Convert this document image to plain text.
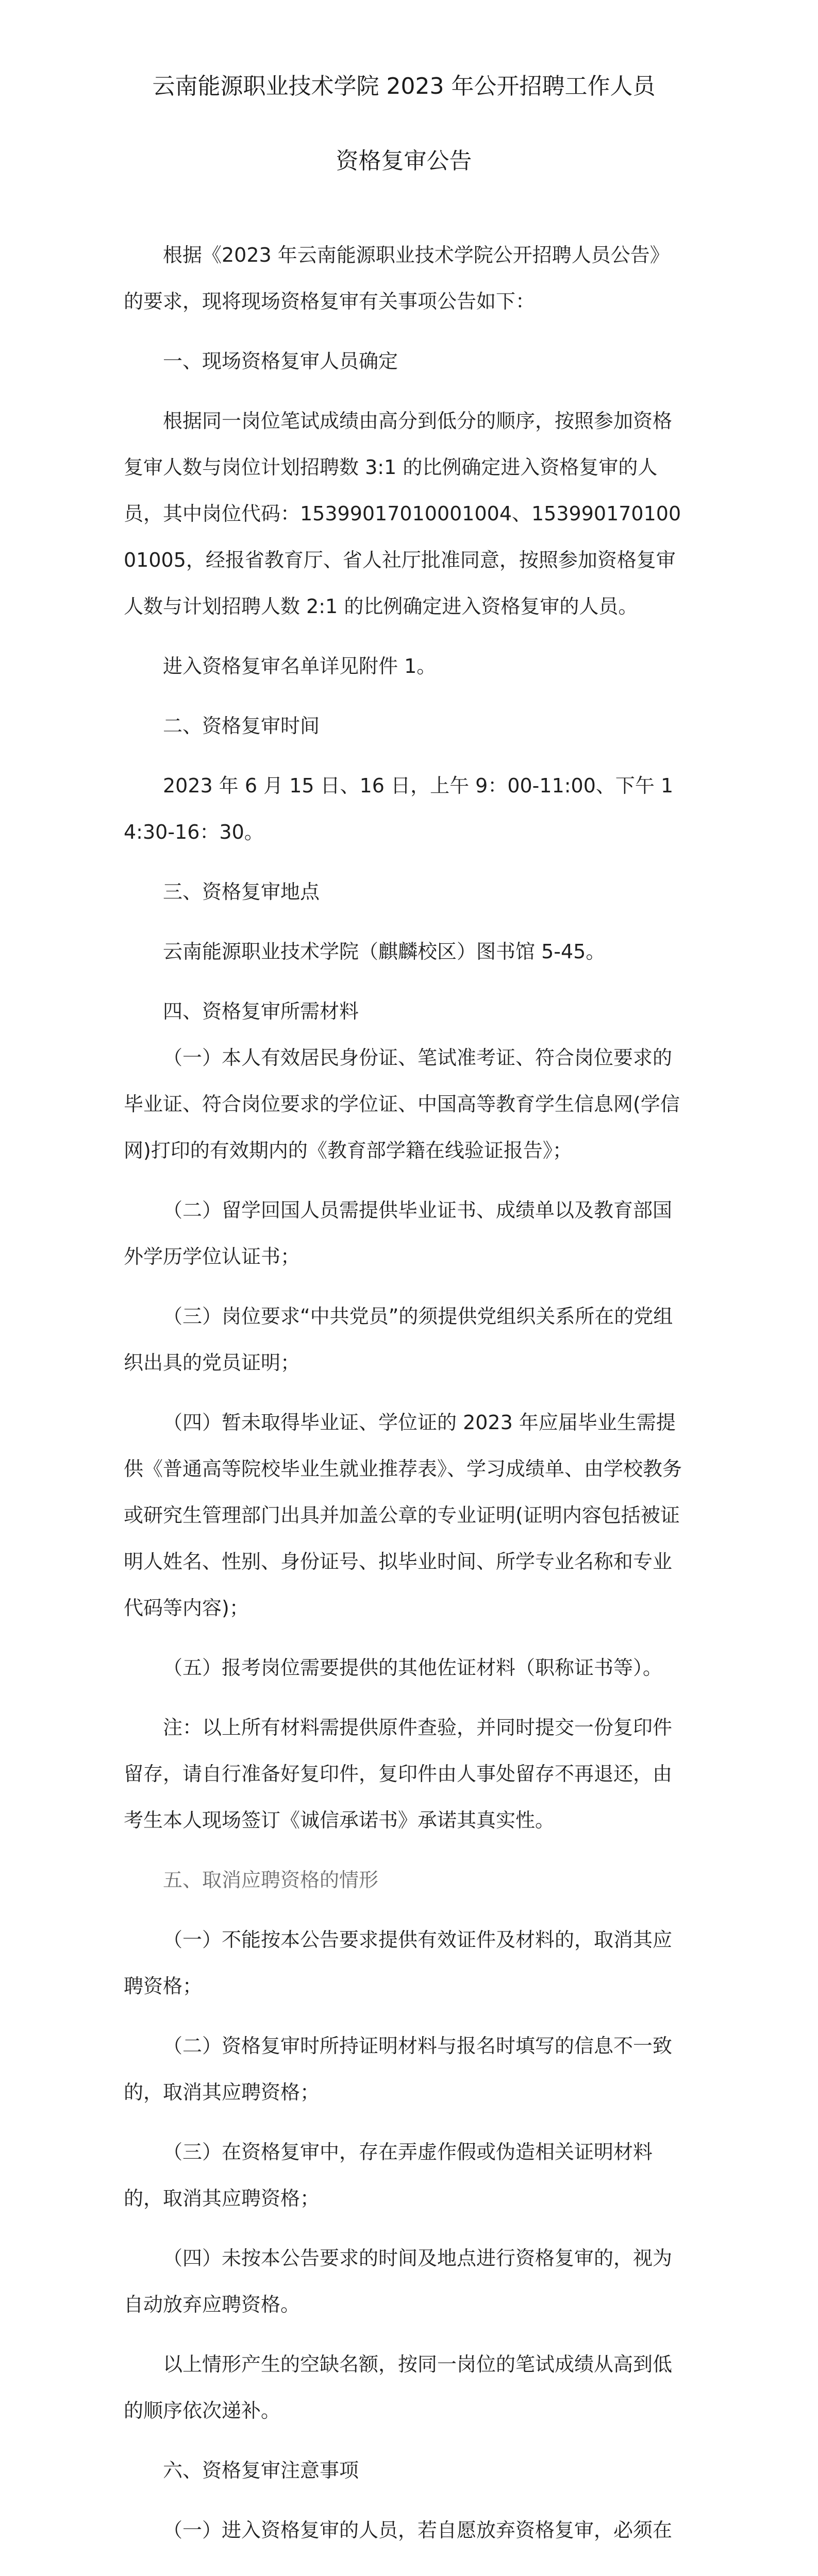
云南能源职业技术学院 2023 年公开招聘工作人员
资格复审公告

根据《2023 年云南能源职业技术学院公开招聘人员公告》的要求，现将现场资格复审有关事项公告如下：

一、现场资格复审人员确定

根据同一岗位笔试成绩由高分到低分的顺序，按照参加资格复审人数与岗位计划招聘数 3:1 的比例确定进入资格复审的人员，其中岗位代码：15399017010001004、15399017010001005，经报省教育厅、省人社厅批准同意，按照参加资格复审人数与计划招聘人数 2:1 的比例确定进入资格复审的人员。

进入资格复审名单详见附件 1。

二、资格复审时间

2023 年 6 月 15 日、16 日，上午 9：00-11:00、下午 14:30-16：30。

三、资格复审地点

云南能源职业技术学院（麒麟校区）图书馆 5-45。

四、资格复审所需材料

（一）本人有效居民身份证、笔试准考证、符合岗位要求的毕业证、符合岗位要求的学位证、中国高等教育学生信息网(学信网)打印的有效期内的《教育部学籍在线验证报告》；

（二）留学回国人员需提供毕业证书、成绩单以及教育部国外学历学位认证书；

（三）岗位要求“中共党员”的须提供党组织关系所在的党组织出具的党员证明；

（四）暂未取得毕业证、学位证的 2023 年应届毕业生需提供《普通高等院校毕业生就业推荐表》、学习成绩单、由学校教务或研究生管理部门出具并加盖公章的专业证明(证明内容包括被证明人姓名、性别、身份证号、拟毕业时间、所学专业名称和专业代码等内容)；

（五）报考岗位需要提供的其他佐证材料（职称证书等）。

注：以上所有材料需提供原件查验，并同时提交一份复印件留存，请自行准备好复印件，复印件由人事处留存不再退还，由考生本人现场签订《诚信承诺书》承诺其真实性。

五、取消应聘资格的情形

（一）不能按本公告要求提供有效证件及材料的，取消其应聘资格；

（二）资格复审时所持证明材料与报名时填写的信息不一致的，取消其应聘资格；

（三）在资格复审中，存在弄虚作假或伪造相关证明材料的，取消其应聘资格；

（四）未按本公告要求的时间及地点进行资格复审的，视为自动放弃应聘资格。

以上情形产生的空缺名额，按同一岗位的笔试成绩从高到低的顺序依次递补。

六、资格复审注意事项

（一）进入资格复审的人员，若自愿放弃资格复审，必须在
